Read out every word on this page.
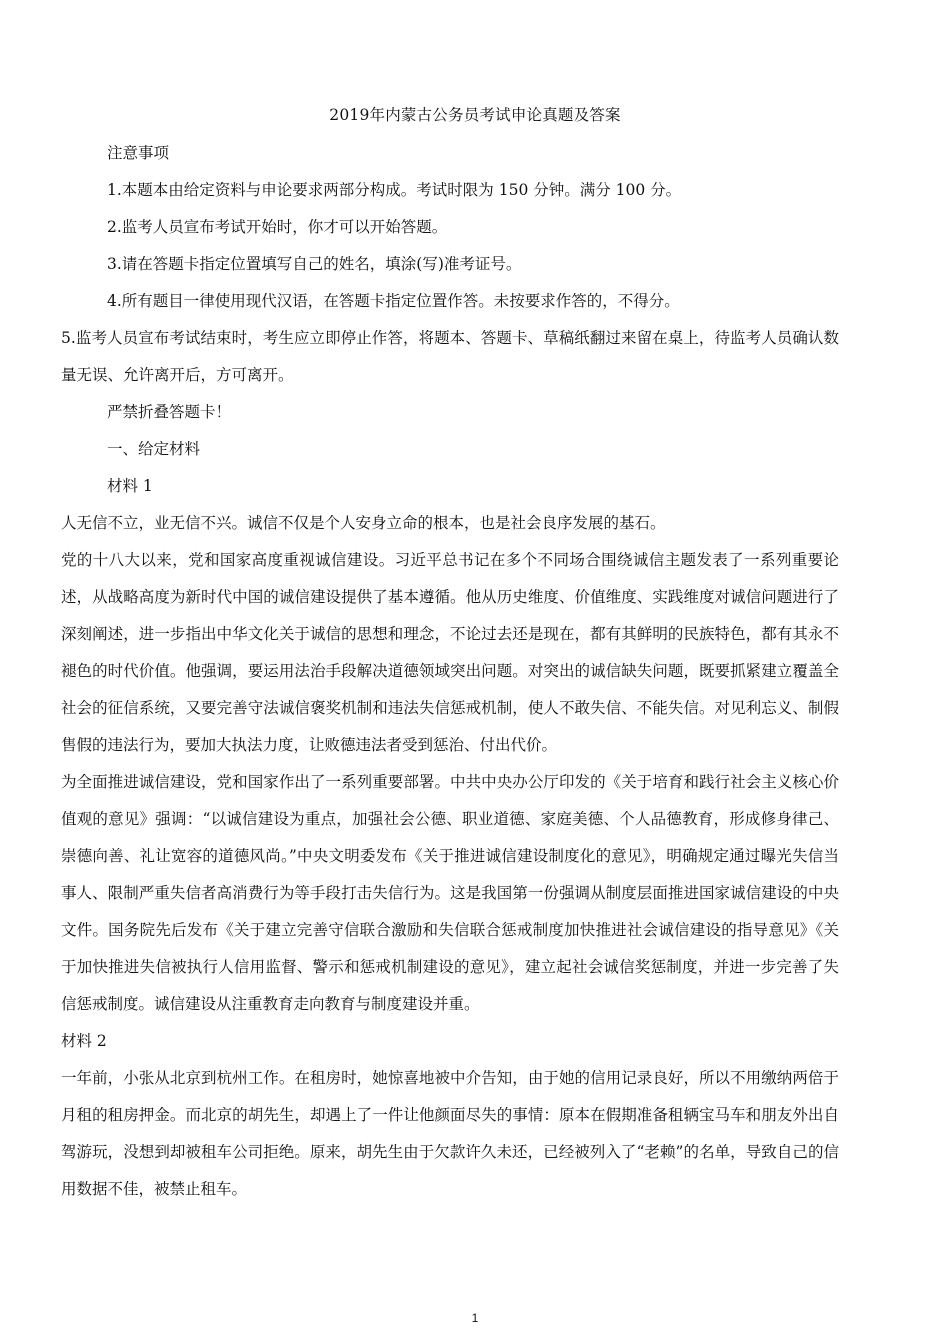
2019年内蒙古公务员考试申论真题及答案
注意事项
1.本题本由给定资料与申论要求两部分构成。考试时限为 150 分钟。满分 100 分。
2.监考人员宣布考试开始时，你才可以开始答题。
3.请在答题卡指定位置填写自己的姓名，填涂(写)准考证号。
4.所有题目一律使用现代汉语，在答题卡指定位置作答。未按要求作答的，不得分。
5.监考人员宣布考试结束时，考生应立即停止作答，将题本、答题卡、草稿纸翻过来留在桌上，待监考人员确认数量无误、允许离开后，方可离开。
严禁折叠答题卡！
一、给定材料
材料 1
人无信不立，业无信不兴。诚信不仅是个人安身立命的根本，也是社会良序发展的基石。
党的十八大以来，党和国家高度重视诚信建设。习近平总书记在多个不同场合围绕诚信主题发表了一系列重要论述，从战略高度为新时代中国的诚信建设提供了基本遵循。他从历史维度、价值维度、实践维度对诚信问题进行了深刻阐述，进一步指出中华文化关于诚信的思想和理念，不论过去还是现在，都有其鲜明的民族特色，都有其永不褪色的时代价值。他强调，要运用法治手段解决道德领域突出问题。对突出的诚信缺失问题，既要抓紧建立覆盖全社会的征信系统，又要完善守法诚信褒奖机制和违法失信惩戒机制，使人不敢失信、不能失信。对见利忘义、制假售假的违法行为，要加大执法力度，让败德违法者受到惩治、付出代价。
为全面推进诚信建设，党和国家作出了一系列重要部署。中共中央办公厅印发的《关于培育和践行社会主义核心价值观的意见》强调：“以诚信建设为重点，加强社会公德、职业道德、家庭美德、个人品德教育，形成修身律己、崇德向善、礼让宽容的道德风尚。”中央文明委发布《关于推进诚信建设制度化的意见》，明确规定通过曝光失信当事人、限制严重失信者高消费行为等手段打击失信行为。这是我国第一份强调从制度层面推进国家诚信建设的中央文件。国务院先后发布《关于建立完善守信联合激励和失信联合惩戒制度加快推进社会诚信建设的指导意见》《关于加快推进失信被执行人信用监督、警示和惩戒机制建设的意见》，建立起社会诚信奖惩制度，并进一步完善了失信惩戒制度。诚信建设从注重教育走向教育与制度建设并重。
材料 2
一年前，小张从北京到杭州工作。在租房时，她惊喜地被中介告知，由于她的信用记录良好，所以不用缴纳两倍于月租的租房押金。而北京的胡先生，却遇上了一件让他颜面尽失的事情：原本在假期准备租辆宝马车和朋友外出自驾游玩，没想到却被租车公司拒绝。原来，胡先生由于欠款许久未还，已经被列入了“老赖”的名单，导致自己的信用数据不佳，被禁止租车。
1
